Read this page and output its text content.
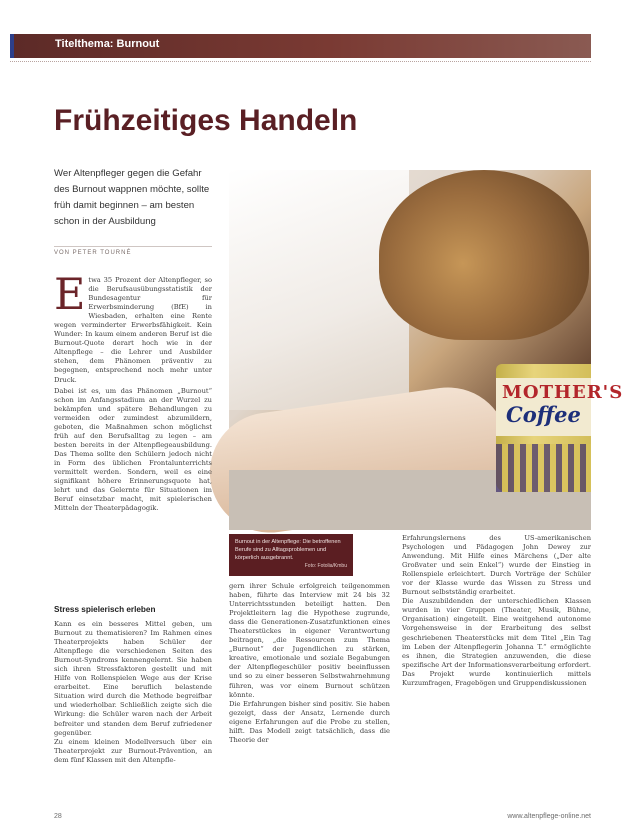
Titelthema: Burnout
Frühzeitiges Handeln
Wer Altenpfleger gegen die Gefahr des Burnout wappnen möchte, sollte früh damit beginnen – am besten schon in der Ausbildung
VON PETER TOURNÉ
MOTHER'S
Coffee
Burnout in der Altenpflege: Die betroffenen Berufe sind zu Alltagsproblemen und körperlich ausgebrannt.
Foto: Fotolia/Kmbu
E twa 35 Prozent der Altenpfleger, so die Berufsausübungsstatistik der Bundesagentur für Erwerbsminderung (BfE) in Wiesbaden, erhalten eine Rente wegen verminderter Erwerbsfähigkeit. Kein Wunder: In kaum einem anderen Beruf ist die Burnout-Quote derart hoch wie in der Altenpflege – die Lehrer und Ausbilder stehen, dem Phänomen präventiv zu begegnen, entsprechend noch mehr unter Druck.

Dabei ist es, um das Phänomen „Burnout“ schon im Anfangsstadium an der Wurzel zu bekämpfen und spätere Behandlungen zu vermeiden oder zumindest abzumildern, geboten, die Maßnahmen schon möglichst früh auf den Berufsalltag zu legen – am besten bereits in der Altenpflegeausbildung. Das Thema sollte den Schülern jedoch nicht in Form des üblichen Frontalunterrichts vermittelt werden. Sondern, weil es eine signifikant höhere Erinnerungsquote hat, lehrt und das Gelernte für Situationen im Beruf einsetzbar macht, mit spielerischen Mitteln der Theaterpädagogik.

Stress spielerisch erleben

Kann es ein besseres Mittel geben, um Burnout zu thematisieren? Im Rahmen eines Theaterprojekts haben Schüler der Altenpflege die verschiedenen Seiten des Burnout-Syndroms kennengelernt. Sie haben sich ihren Stressfaktoren gestellt und mit Hilfe von Rollenspielen Wege aus der Krise erarbeitet. Eine beruflich belastende Situation wird durch die Methode begreifbar und wiederholbar. Schließlich zeigte sich die Wirkung: die Schüler waren nach der Arbeit befreiter und standen dem Beruf zufriedener gegenüber.
Zu einem kleinen Modellversuch über ein Theaterprojekt zur Burnout-Prävention, an dem fünf Klassen mit den Altenpfle-

gern ihrer Schule erfolgreich teilgenommen haben, führte das Interview mit 24 bis 32 Unterrichtsstunden beteiligt hatten. Den Projektleitern lag die Hypothese zugrunde, dass die Generationen-Zusatzfunktionen eines Theaterstückes in eigener Verantwortung beitragen, „die Ressourcen zum Thema „Burnout“ der Jugendlichen zu stärken, kreative, emotionale und soziale Begabungen der Altenpflegeschüler positiv beeinflussen und so zu einer besseren Selbstwahrnehmung führen, was vor einem Burnout schützen könnte.
Die Erfahrungen bisher sind positiv. Sie haben gezeigt, dass der Ansatz, Lernende durch eigene Erfahrungen auf die Probe zu stellen, hilft. Das Modell zeigt tatsächlich, dass die Theorie der

Erfahrungslernens des US-amerikanischen Psychologen und Pädagogen John Dewey zur Anwendung. Mit Hilfe eines Märchens („Der alte Großvater und sein Enkel“) wurde der Einstieg in Rollenspiele erleichtert. Durch Vorträge der Schüler vor der Klasse wurde das Wissen zu Stress und Burnout selbstständig erarbeitet.
Die Auszubildenden der unterschiedlichen Klassen wurden in vier Gruppen (Theater, Musik, Bühne, Organisation) eingeteilt. Eine weitgehend autonome Vorgehensweise in der Erarbeitung des selbst geschriebenen Theaterstücks mit dem Titel „Ein Tag im Leben der Altenpflegerin Johanna T.“ ermöglichte es ihnen, die Strategien anzuwenden, die diese spezifische Art der Informationsverarbeitung erfordert. Das Projekt wurde kontinuierlich mittels Kurzumfragen, Fragebögen und Gruppendiskussionen

28	www.altenpflege-online.net
